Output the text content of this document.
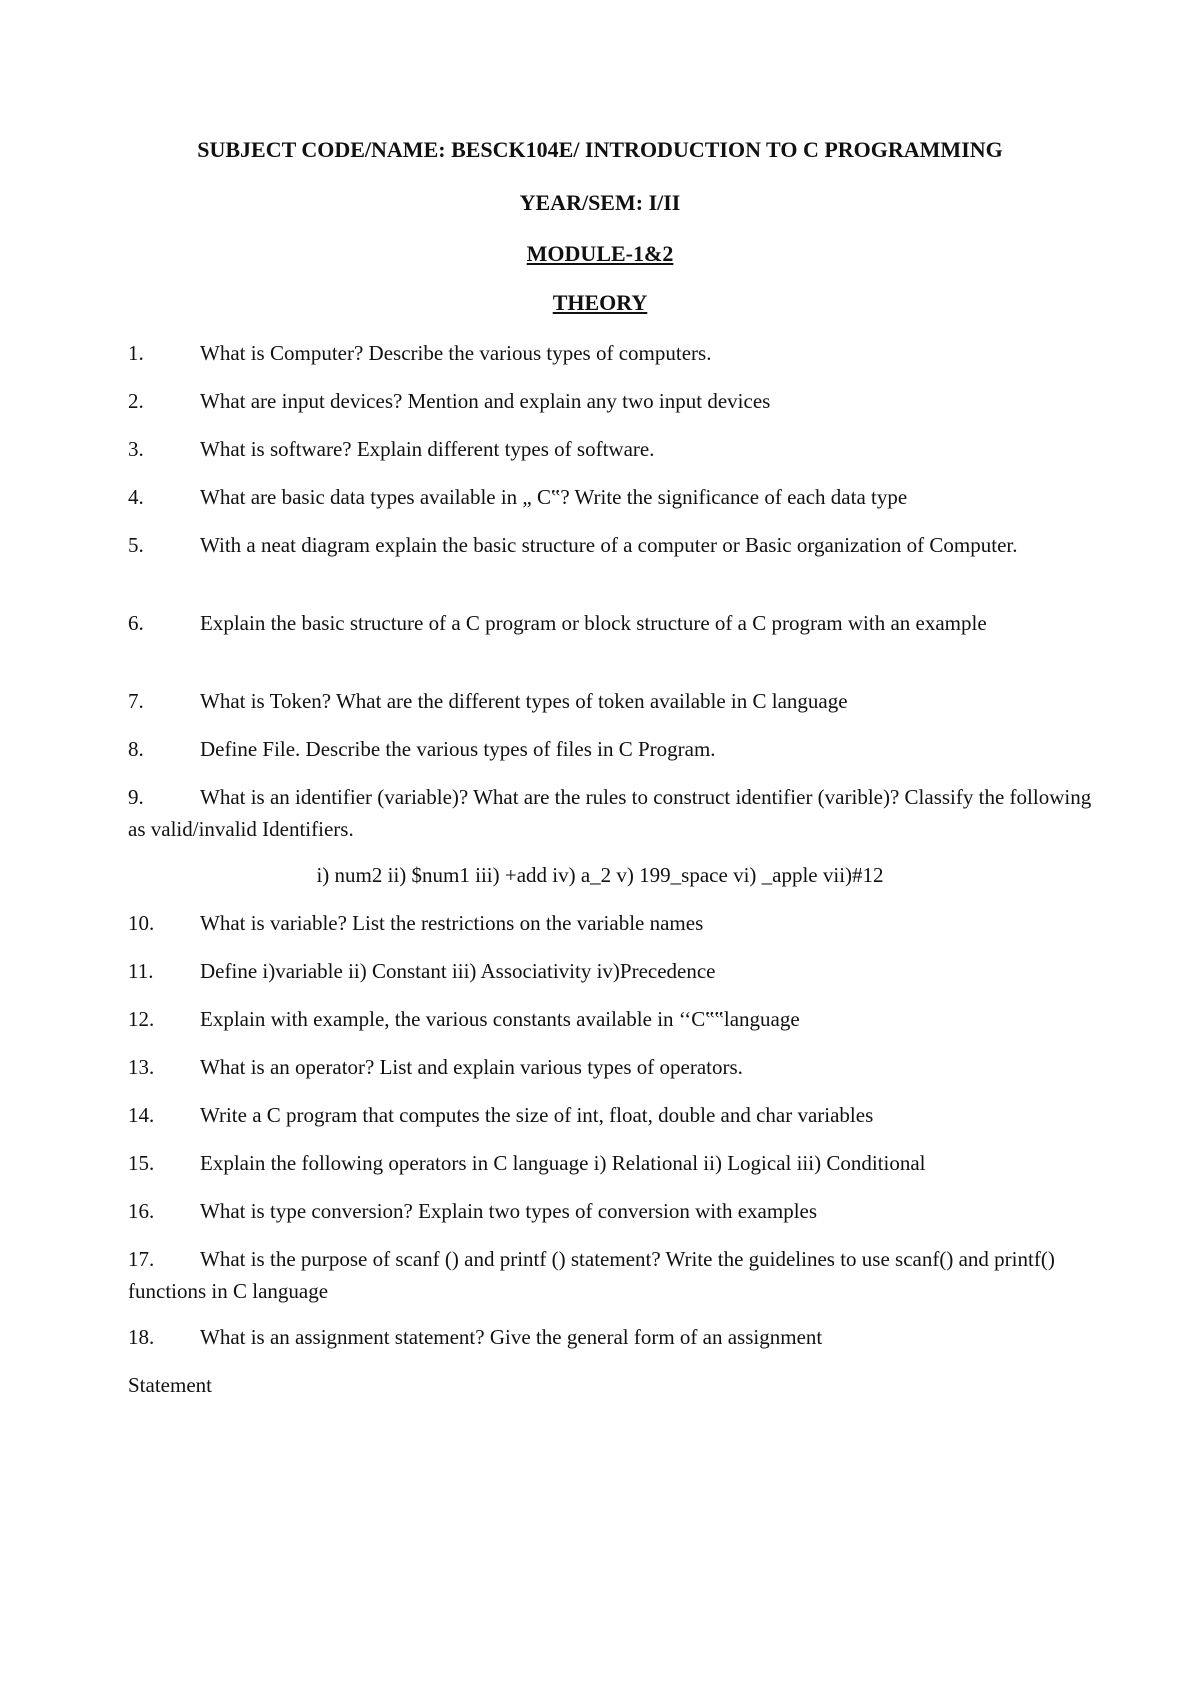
SUBJECT CODE/NAME: BESCK104E/ INTRODUCTION TO C PROGRAMMING
YEAR/SEM: I/II
MODULE-1&2
THEORY
1.	What is Computer? Describe the various types of computers.
2.	What are input devices? Mention and explain any two input devices
3.	What is software? Explain different types of software.
4.	What are basic data types available in „ C‟? Write the significance of each data type
5.	With a neat diagram explain the basic structure of a computer or Basic organization of Computer.
6.	Explain the basic structure of a C program or block structure of a C program with an example
7.	What is Token? What are the different types of token available in C language
8.	Define File. Describe the various types of files in C Program.
9.	What is an identifier (variable)? What are the rules to construct identifier (varible)? Classify the following as valid/invalid Identifiers.
i) num2 ii) $num1 iii) +add iv) a_2 v) 199_space vi) _apple vii)#12
10.	What is variable? List the restrictions on the variable names
11.	Define i)variable ii) Constant iii) Associativity iv)Precedence
12.	Explain with example, the various constants available in ‘‘C‟‟language
13.	What is an operator? List and explain various types of operators.
14.	Write a C program that computes the size of int, float, double and char variables
15.	Explain the following operators in C language i) Relational ii) Logical iii) Conditional
16.	What is type conversion? Explain two types of conversion with examples
17.	What is the purpose of scanf () and printf () statement? Write the guidelines to use scanf() and printf() functions in C language
18.	What is an assignment statement? Give the general form of an assignment
Statement
